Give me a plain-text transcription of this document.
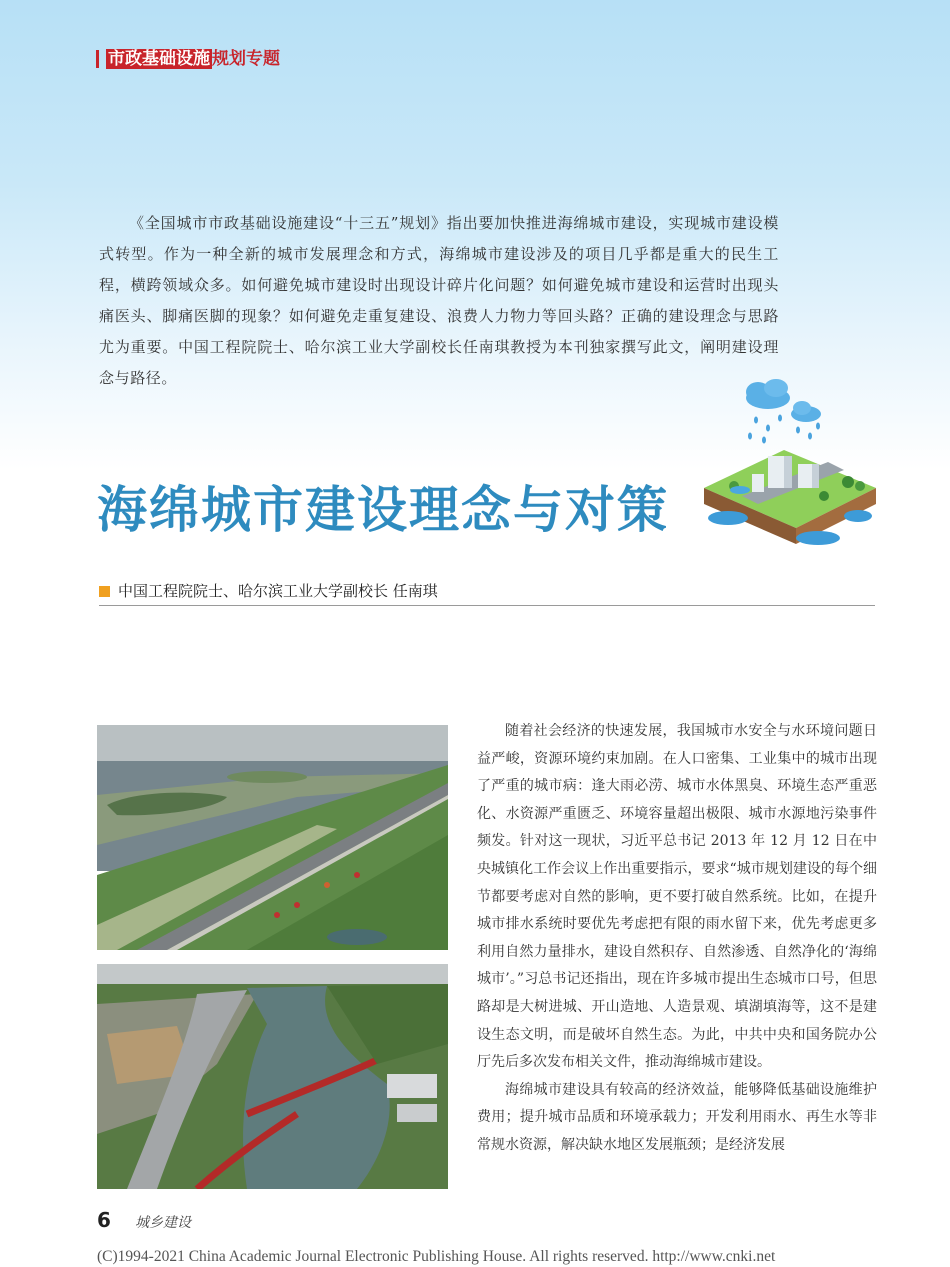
市政基础设施 规划专题

《全国城市市政基础设施建设“十三五”规划》指出要加快推进海绵城市建设，实现城市建设模式转型。作为一种全新的城市发展理念和方式，海绵城市建设涉及的项目几乎都是重大的民生工程，横跨领域众多。如何避免城市建设时出现设计碎片化问题？如何避免城市建设和运营时出现头痛医头、脚痛医脚的现象？如何避免走重复建设、浪费人力物力等回头路？正确的建设理念与思路尤为重要。中国工程院院士、哈尔滨工业大学副校长任南琪教授为本刊独家撰写此文，阐明建设理念与路径。

海绵城市建设理念与对策
中国工程院院士、哈尔滨工业大学副校长 任南琪

随着社会经济的快速发展，我国城市水安全与水环境问题日益严峻，资源环境约束加剧。在人口密集、工业集中的城市出现了严重的城市病：逢大雨必涝、城市水体黑臭、环境生态严重恶化、水资源严重匮乏、环境容量超出极限、城市水源地污染事件频发。针对这一现状，习近平总书记 2013 年 12 月 12 日在中央城镇化工作会议上作出重要指示，要求“城市规划建设的每个细节都要考虑对自然的影响，更不要打破自然系统。比如，在提升城市排水系统时要优先考虑把有限的雨水留下来，优先考虑更多利用自然力量排水，建设自然积存、自然渗透、自然净化的‘海绵城市’。”习总书记还指出，现在许多城市提出生态城市口号，但思路却是大树进城、开山造地、人造景观、填湖填海等，这不是建设生态文明，而是破坏自然生态。为此，中共中央和国务院办公厅先后多次发布相关文件，推动海绵城市建设。

海绵城市建设具有较高的经济效益，能够降低基础设施维护费用；提升城市品质和环境承载力；开发利用雨水、再生水等非常规水资源，解决缺水地区发展瓶颈；是经济发展

6 城乡建设
(C)1994-2021 China Academic Journal Electronic Publishing House. All rights reserved. http://www.cnki.net
